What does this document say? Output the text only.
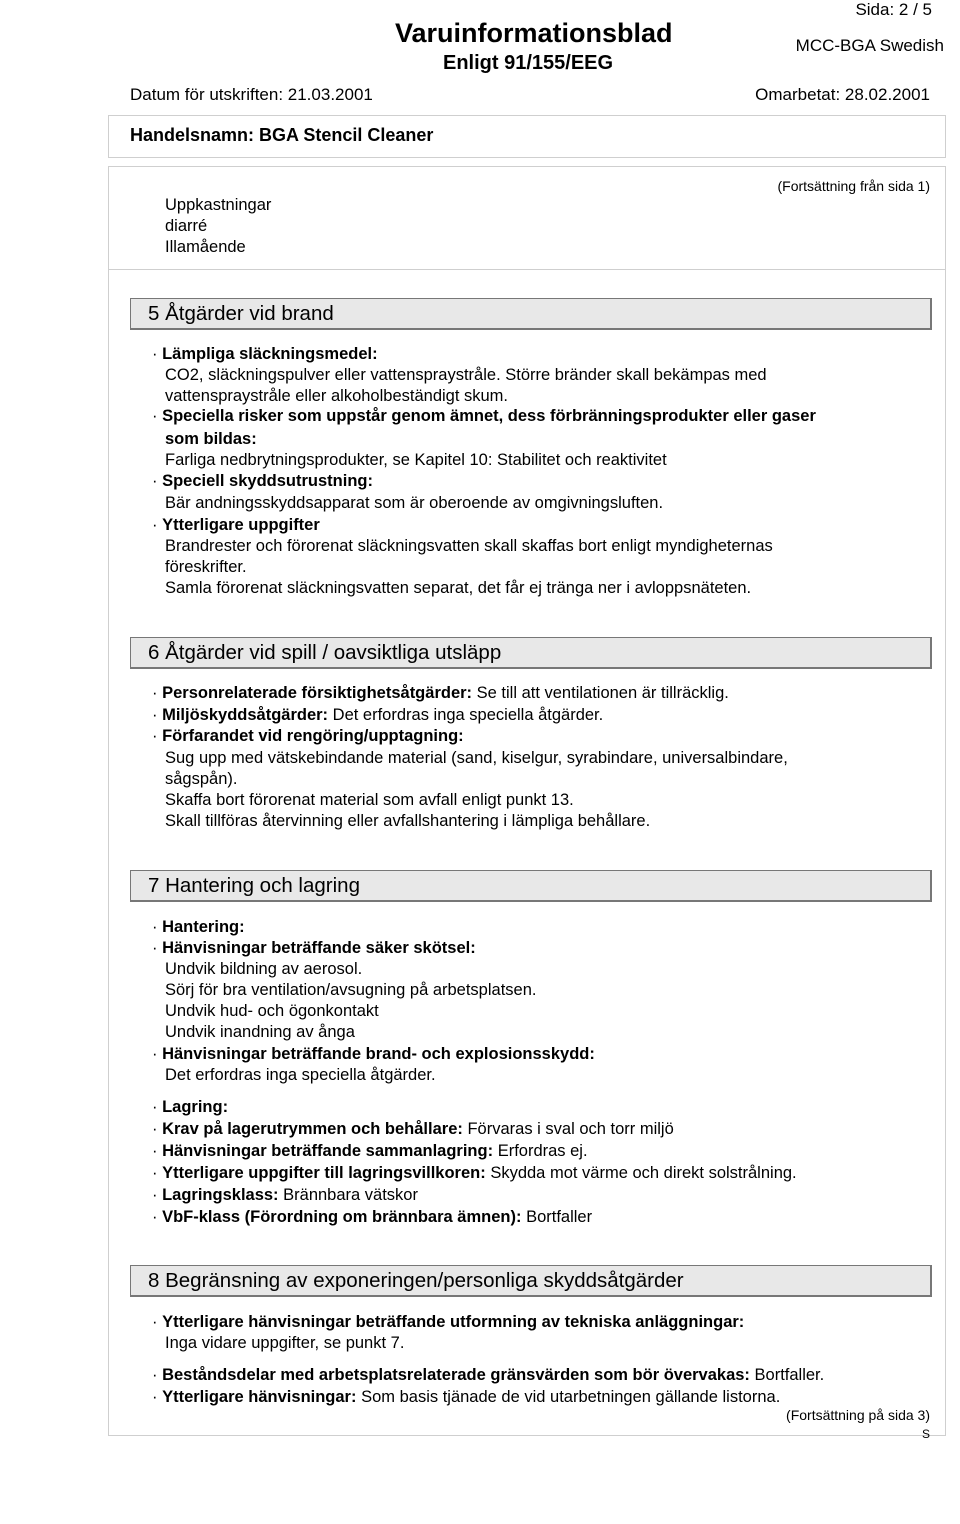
Sida: 2 / 5
Varuinformationsblad	MCC-BGA Swedish
Enligt 91/155/EEG
Datum för utskriften: 21.03.2001	Omarbetat: 28.02.2001
Handelsnamn: BGA Stencil Cleaner
(Fortsättning från sida 1)
Uppkastningar
diarré
Illamående
5 Åtgärder vid brand
· Lämpliga släckningsmedel:
CO2, släckningspulver eller vattenspraystråle. Större bränder skall bekämpas med
vattenspraystråle eller alkoholbeständigt skum.
· Speciella risker som uppstår genom ämnet, dess förbränningsprodukter eller gaser
som bildas:
Farliga nedbrytningsprodukter, se Kapitel 10: Stabilitet och reaktivitet
· Speciell skyddsutrustning:
Bär andningsskyddsapparat som är oberoende av omgivningsluften.
· Ytterligare uppgifter
Brandrester och förorenat släckningsvatten skall skaffas bort enligt myndigheternas
föreskrifter.
Samla förorenat släckningsvatten separat, det får ej tränga ner i avloppsnäteten.
6 Åtgärder vid spill / oavsiktliga utsläpp
· Personrelaterade försiktighetsåtgärder: Se till att ventilationen är tillräcklig.
· Miljöskyddsåtgärder: Det erfordras inga speciella åtgärder.
· Förfarandet vid rengöring/upptagning:
Sug upp med vätskebindande material (sand, kiselgur, syrabindare, universalbindare,
sågspån).
Skaffa bort förorenat material som avfall enligt punkt 13.
Skall tillföras återvinning eller avfallshantering i lämpliga behållare.
7 Hantering och lagring
· Hantering:
· Hänvisningar beträffande säker skötsel:
Undvik bildning av aerosol.
Sörj för bra ventilation/avsugning på arbetsplatsen.
Undvik hud- och ögonkontakt
Undvik inandning av ånga
· Hänvisningar beträffande brand- och explosionsskydd:
Det erfordras inga speciella åtgärder.
· Lagring:
· Krav på lagerutrymmen och behållare: Förvaras i sval och torr miljö
· Hänvisningar beträffande sammanlagring: Erfordras ej.
· Ytterligare uppgifter till lagringsvillkoren: Skydda mot värme och direkt solstrålning.
· Lagringsklass: Brännbara vätskor
· VbF-klass (Förordning om brännbara ämnen): Bortfaller
8 Begränsning av exponeringen/personliga skyddsåtgärder
· Ytterligare hänvisningar beträffande utformning av tekniska anläggningar:
Inga vidare uppgifter, se punkt 7.
· Beståndsdelar med arbetsplatsrelaterade gränsvärden som bör övervakas: Bortfaller.
· Ytterligare hänvisningar: Som basis tjänade de vid utarbetningen gällande listorna.
(Fortsättning på sida 3)
S
